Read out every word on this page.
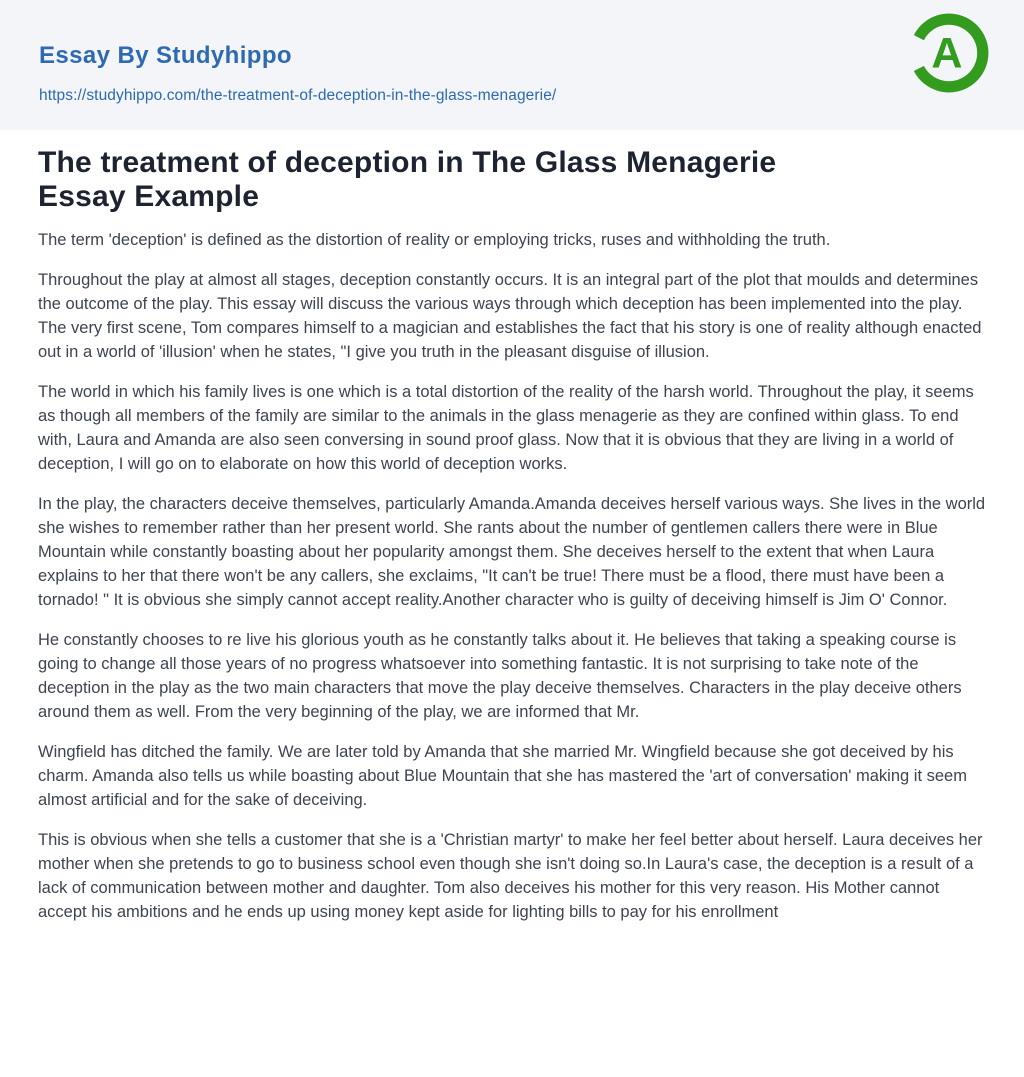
Essay By Studyhippo
https://studyhippo.com/the-treatment-of-deception-in-the-glass-menagerie/
A
The treatment of deception in The Glass Menagerie Essay Example

The term 'deception' is defined as the distortion of reality or employing tricks, ruses and withholding the truth.

Throughout the play at almost all stages, deception constantly occurs. It is an integral part of the plot that moulds and determines the outcome of the play. This essay will discuss the various ways through which deception has been implemented into the play. The very first scene, Tom compares himself to a magician and establishes the fact that his story is one of reality although enacted out in a world of 'illusion' when he states, "I give you truth in the pleasant disguise of illusion.

The world in which his family lives is one which is a total distortion of the reality of the harsh world. Throughout the play, it seems as though all members of the family are similar to the animals in the glass menagerie as they are confined within glass. To end with, Laura and Amanda are also seen conversing in sound proof glass. Now that it is obvious that they are living in a world of deception, I will go on to elaborate on how this world of deception works.

In the play, the characters deceive themselves, particularly Amanda.Amanda deceives herself various ways. She lives in the world she wishes to remember rather than her present world. She rants about the number of gentlemen callers there were in Blue Mountain while constantly boasting about her popularity amongst them. She deceives herself to the extent that when Laura explains to her that there won't be any callers, she exclaims, "It can't be true! There must be a flood, there must have been a tornado! " It is obvious she simply cannot accept reality.Another character who is guilty of deceiving himself is Jim O' Connor.

He constantly chooses to re live his glorious youth as he constantly talks about it. He believes that taking a speaking course is going to change all those years of no progress whatsoever into something fantastic. It is not surprising to take note of the deception in the play as the two main characters that move the play deceive themselves. Characters in the play deceive others around them as well. From the very beginning of the play, we are informed that Mr.

Wingfield has ditched the family. We are later told by Amanda that she married Mr. Wingfield because she got deceived by his charm. Amanda also tells us while boasting about Blue Mountain that she has mastered the 'art of conversation' making it seem almost artificial and for the sake of deceiving.

This is obvious when she tells a customer that she is a 'Christian martyr' to make her feel better about herself. Laura deceives her mother when she pretends to go to business school even though she isn't doing so.In Laura's case, the deception is a result of a lack of communication between mother and daughter. Tom also deceives his mother for this very reason. His Mother cannot accept his ambitions and he ends up using money kept aside for lighting bills to pay for his enrollment
